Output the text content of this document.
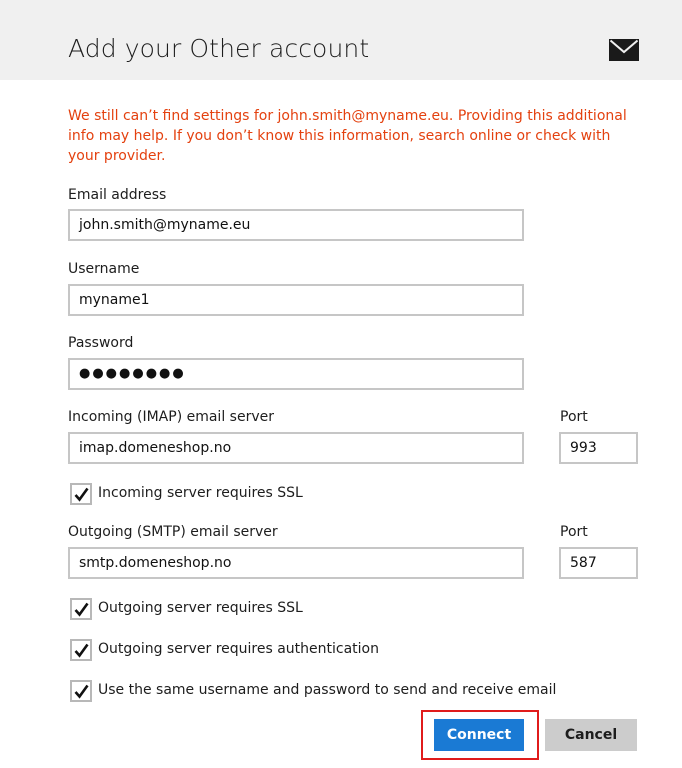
Add your Other account
We still can’t find settings for john.smith@myname.eu. Providing this additional info may help. If you don’t know this information, search online or check with your provider.
Email address
john.smith@myname.eu
Username
myname1
Password
●●●●●●●●
Incoming (IMAP) email server
imap.domeneshop.no
Port
993
Incoming server requires SSL
Outgoing (SMTP) email server
smtp.domeneshop.no
Port
587
Outgoing server requires SSL
Outgoing server requires authentication
Use the same username and password to send and receive email
Connect	Cancel
